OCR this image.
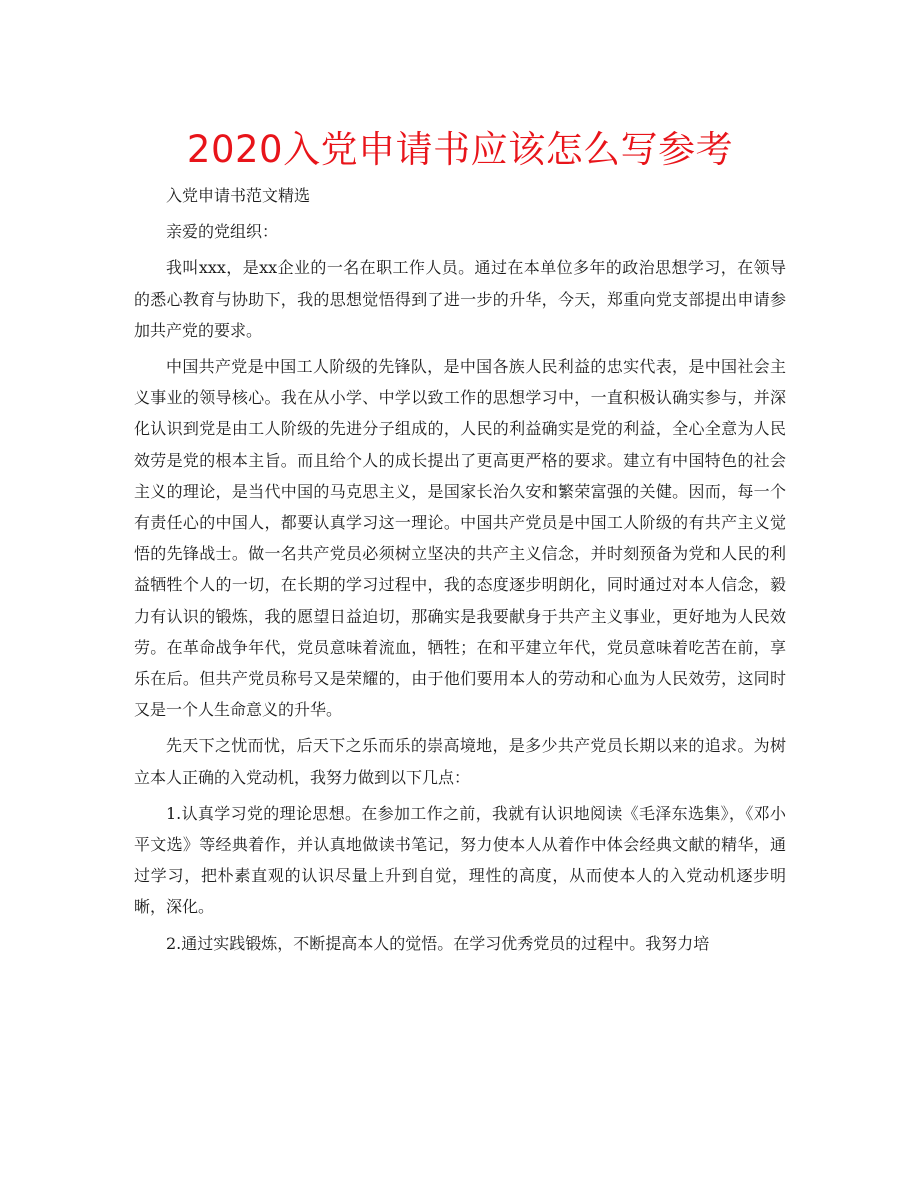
2020入党申请书应该怎么写参考

入党申请书范文精选

亲爱的党组织：

我叫xxx，是xx企业的一名在职工作人员。通过在本单位多年的政治思想学习，在领导的悉心教育与协助下，我的思想觉悟得到了进一步的升华，今天，郑重向党支部提出申请参加共产党的要求。

中国共产党是中国工人阶级的先锋队，是中国各族人民利益的忠实代表，是中国社会主义事业的领导核心。我在从小学、中学以致工作的思想学习中，一直积极认确实参与，并深化认识到党是由工人阶级的先进分子组成的，人民的利益确实是党的利益，全心全意为人民效劳是党的根本主旨。而且给个人的成长提出了更高更严格的要求。建立有中国特色的社会主义的理论，是当代中国的马克思主义，是国家长治久安和繁荣富强的关健。因而，每一个有责任心的中国人，都要认真学习这一理论。中国共产党员是中国工人阶级的有共产主义觉悟的先锋战士。做一名共产党员必须树立坚决的共产主义信念，并时刻预备为党和人民的利益牺牲个人的一切，在长期的学习过程中，我的态度逐步明朗化，同时通过对本人信念，毅力有认识的锻炼，我的愿望日益迫切，那确实是我要献身于共产主义事业，更好地为人民效劳。在革命战争年代，党员意味着流血，牺牲；在和平建立年代，党员意味着吃苦在前，享乐在后。但共产党员称号又是荣耀的，由于他们要用本人的劳动和心血为人民效劳，这同时又是一个人生命意义的升华。

先天下之忧而忧，后天下之乐而乐的崇高境地，是多少共产党员长期以来的追求。为树立本人正确的入党动机，我努力做到以下几点：

1.认真学习党的理论思想。在参加工作之前，我就有认识地阅读《毛泽东选集》，《邓小平文选》等经典着作，并认真地做读书笔记，努力使本人从着作中体会经典文献的精华，通过学习，把朴素直观的认识尽量上升到自觉，理性的高度，从而使本人的入党动机逐步明晰，深化。

2.通过实践锻炼，不断提高本人的觉悟。在学习优秀党员的过程中。我努力培
